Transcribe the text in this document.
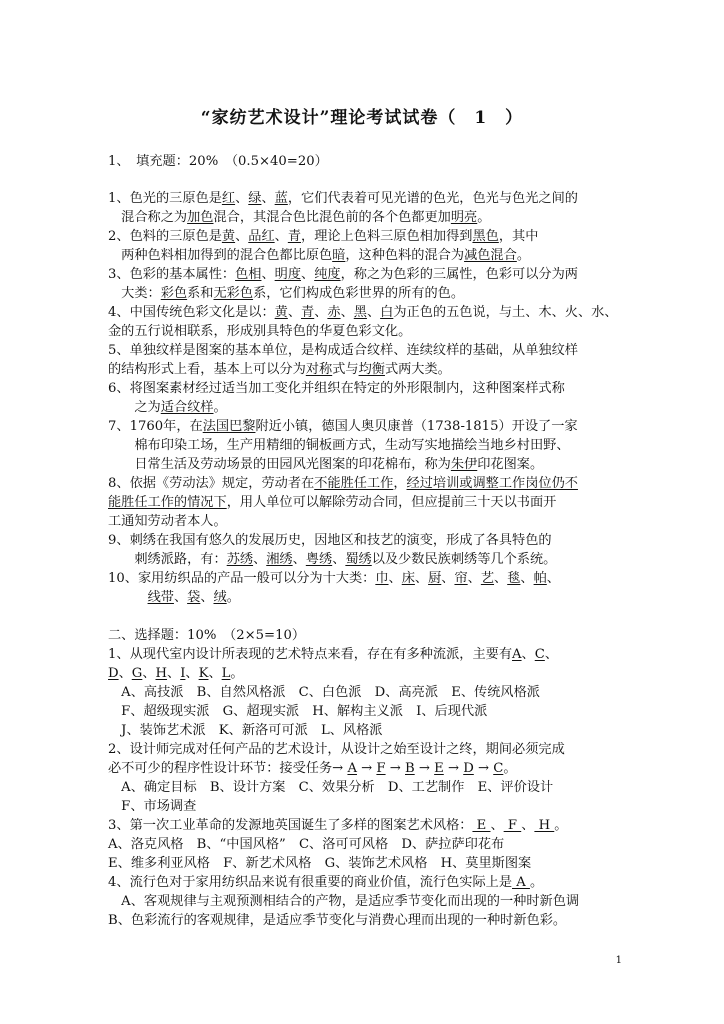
“家纺艺术设计”理论考试试卷（　1　）
1、　填充题：20%　（0.5×40=20）
1、色光的三原色是红、绿、蓝，它们代表着可见光谱的色光，色光与色光之间的
　混合称之为加色混合，其混合色比混色前的各个色都更加明亮。
2、色料的三原色是黄、品红、青，理论上色料三原色相加得到黑色，其中
　两种色料相加得到的混合色都比原色暗，这种色料的混合为减色混合。
3、色彩的基本属性：色相、明度、纯度，称之为色彩的三属性，色彩可以分为两
　大类：彩色系和无彩色系，它们构成色彩世界的所有的色。
4、中国传统色彩文化是以：黄、青、赤、黑、白为正色的五色说，与土、木、火、水、
金的五行说相联系，形成别具特色的华夏色彩文化。
5、单独纹样是图案的基本单位，是构成适合纹样、连续纹样的基础，从单独纹样
的结构形式上看，基本上可以分为对称式与均衡式两大类。
6、将图案素材经过适当加工变化并组织在特定的外形限制内，这种图案样式称
　　之为适合纹样。
7、1760年，在法国巴黎附近小镇，德国人奥贝康普（1738-1815）开设了一家
　　棉布印染工场，生产用精细的铜板画方式，生动写实地描绘当地乡村田野、
　　日常生活及劳动场景的田园风光图案的印花棉布，称为朱伊印花图案。
8、依据《劳动法》规定，劳动者在不能胜任工作，经过培训或调整工作岗位仍不
能胜任工作的情况下，用人单位可以解除劳动合同，但应提前三十天以书面开
工通知劳动者本人。
9、刺绣在我国有悠久的发展历史，因地区和技艺的演变，形成了各具特色的
　　刺绣派路，有：苏绣、湘绣、粤绣、蜀绣以及少数民族刺绣等几个系统。
10、家用纺织品的产品一般可以分为十大类：巾、床、厨、帘、艺、毯、帕、
　　　线带、袋、绒。
二、选择题：10%　（2×5=10）
1、从现代室内设计所表现的艺术特点来看，存在有多种流派，主要有A、C、
D、G、H、I、K、L。
　A、高技派　B、自然风格派　C、白色派　D、高亮派　E、传统风格派
　F、超级现实派　G、超现实派　H、解构主义派　I、后现代派
　J、装饰艺术派　K、新洛可可派　L、风格派
2、设计师完成对任何产品的艺术设计，从设计之始至设计之终，期间必须完成
必不可少的程序性设计环节：接受任务→ A → F → B → E → D → C。
　A、确定目标　B、设计方案　C、效果分析　D、工艺制作　E、评价设计
　F、市场调查
3、第一次工业革命的发源地英国诞生了多样的图案艺术风格： E 、 F 、 H 。
A、洛克风格　B、“中国风格”　C、洛可可风格　D、萨拉萨印花布
E、维多利亚风格　F、新艺术风格　G、装饰艺术风格　H、莫里斯图案
4、流行色对于家用纺织品来说有很重要的商业价值，流行色实际上是 A 。
　A、客观规律与主观预测相结合的产物，是适应季节变化而出现的一种时新色调
B、色彩流行的客观规律，是适应季节变化与消费心理而出现的一种时新色彩。
1
